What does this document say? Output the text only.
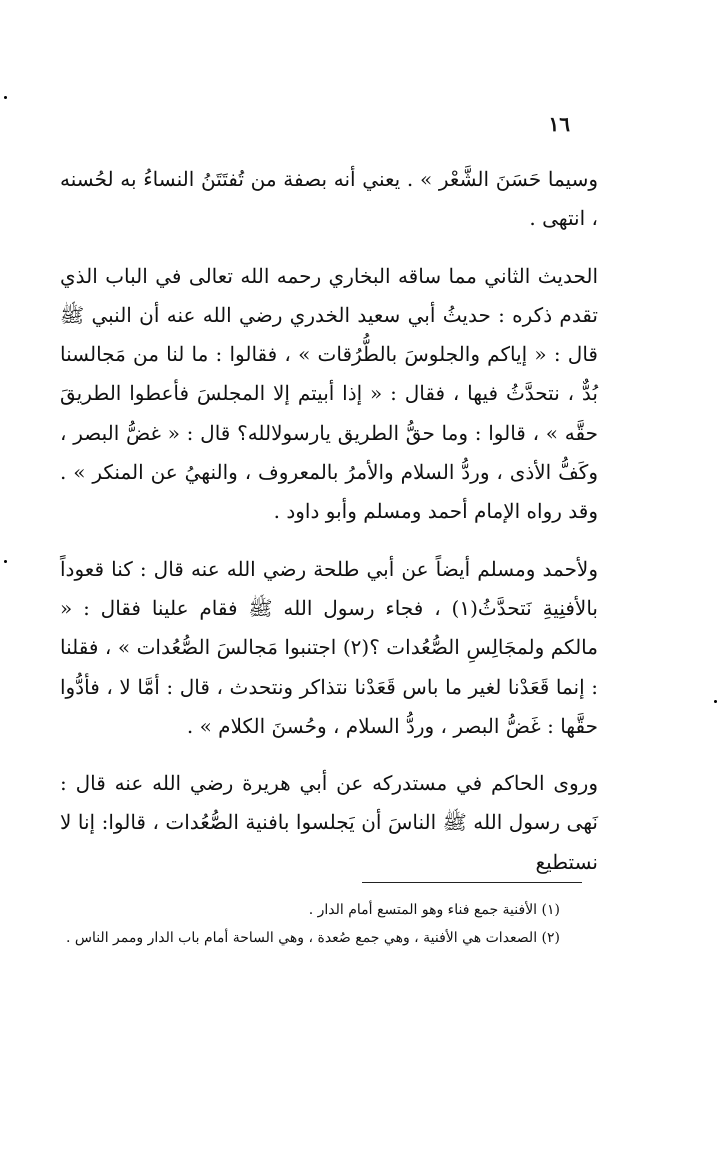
١٦

وسيما حَسَنَ الشَّعْر » . يعني أنه بصفة من تُفتَتَنُ النساءُ به لحُسنه ، انتهى .

الحديث الثاني مما ساقه البخاري رحمه الله تعالى في الباب الذي تقدم ذكره : حديثُ أبي سعيد الخدري رضي الله عنه أن النبي ﷺ قال : « إياكم والجلوسَ بالطُّرُقات » ، فقالوا : ما لنا من مَجالسنا بُدٌّ ، نتحدَّثُ فيها ، فقال : « إذا أبيتم إلا المجلسَ فأعطوا الطريقَ حقَّه » ، قالوا : وما حقُّ الطريق يارسولالله؟ قال : « غضُّ البصر ، وكَفُّ الأذى ، وردُّ السلام والأمرُ بالمعروف ، والنهيُ عن المنكر » . وقد رواه الإمام أحمد ومسلم وأبو داود .

ولأحمد ومسلم أيضاً عن أبي طلحة رضي الله عنه قال : كنا قعوداً بالأفنِيةِ نَتحدَّثُ(١) ، فجاء رسول الله ﷺ فقام علينا فقال : « مالكم ولمجَالِسِ الصُّعُدات ؟(٢) اجتنبوا مَجالسَ الصُّعُدات » ، فقلنا : إنما قَعَدْنا لغير ما باس قَعَدْنا نتذاكر ونتحدث ، قال : أمَّا لا ، فأدُّوا حقَّها : غَضُّ البصر ، وردُّ السلام ، وحُسنَ الكلام » .

وروى الحاكم في مستدركه عن أبي هريرة رضي الله عنه قال : نَهى رسول الله ﷺ الناسَ أن يَجلسوا بافنية الصُّعُدات ، قالوا: إنا لا نستطيع

(١) الأفنية جمع فناء وهو المتسع أمام الدار .
(٢) الصعدات هي الأفنية ، وهي جمع صُعدة ، وهي الساحة أمام باب الدار وممر الناس .
